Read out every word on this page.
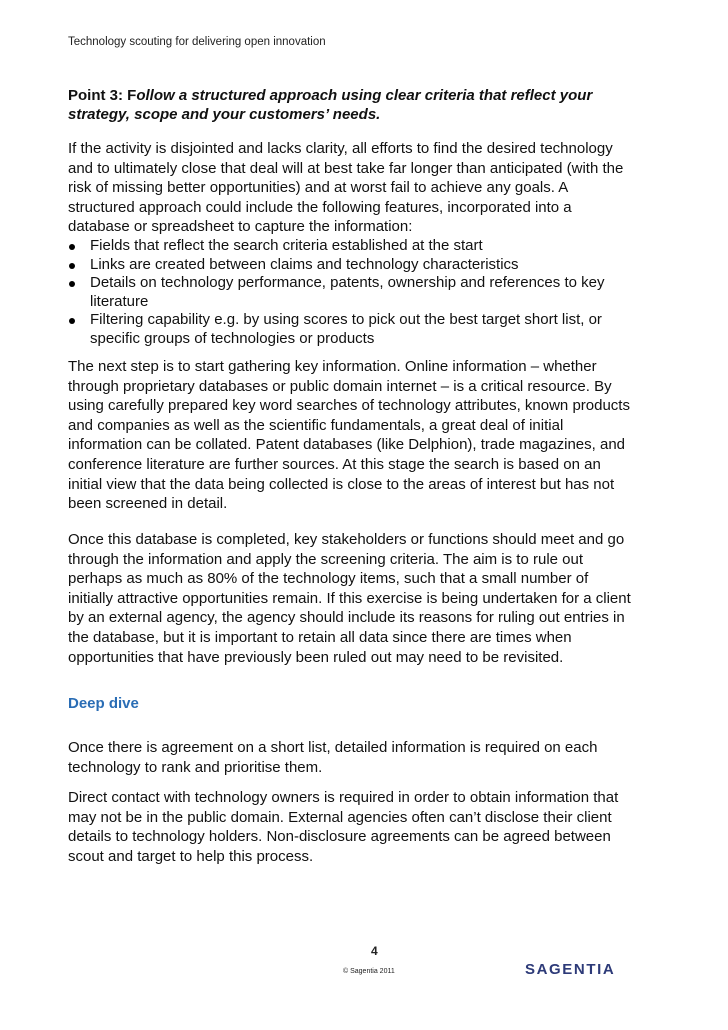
Technology scouting for delivering open innovation
Point 3: Follow a structured approach using clear criteria that reflect your strategy, scope and your customers’ needs.

If the activity is disjointed and lacks clarity, all efforts to find the desired technology and to ultimately close that deal will at best take far longer than anticipated (with the risk of missing better opportunities) and at worst fail to achieve any goals. A structured approach could include the following features, incorporated into a database or spreadsheet to capture the information:

Fields that reflect the search criteria established at the start
Links are created between claims and technology characteristics
Details on technology performance, patents, ownership and references to key literature
Filtering capability e.g. by using scores to pick out the best target short list, or specific groups of technologies or products

The next step is to start gathering key information. Online information – whether through proprietary databases or public domain internet – is a critical resource. By using carefully prepared key word searches of technology attributes, known products and companies as well as the scientific fundamentals, a great deal of initial information can be collated. Patent databases (like Delphion), trade magazines, and conference literature are further sources. At this stage the search is based on an initial view that the data being collected is close to the areas of interest but has not been screened in detail.

Once this database is completed, key stakeholders or functions should meet and go through the information and apply the screening criteria. The aim is to rule out perhaps as much as 80% of the technology items, such that a small number of initially attractive opportunities remain. If this exercise is being undertaken for a client by an external agency, the agency should include its reasons for ruling out entries in the database, but it is important to retain all data since there are times when opportunities that have previously been ruled out may need to be revisited.

Deep dive

Once there is agreement on a short list, detailed information is required on each technology to rank and prioritise them.

Direct contact with technology owners is required in order to obtain information that may not be in the public domain. External agencies often can’t disclose their client details to technology holders. Non-disclosure agreements can be agreed between scout and target to help this process.

4
© Sagentia 2011	SAGENTIA
